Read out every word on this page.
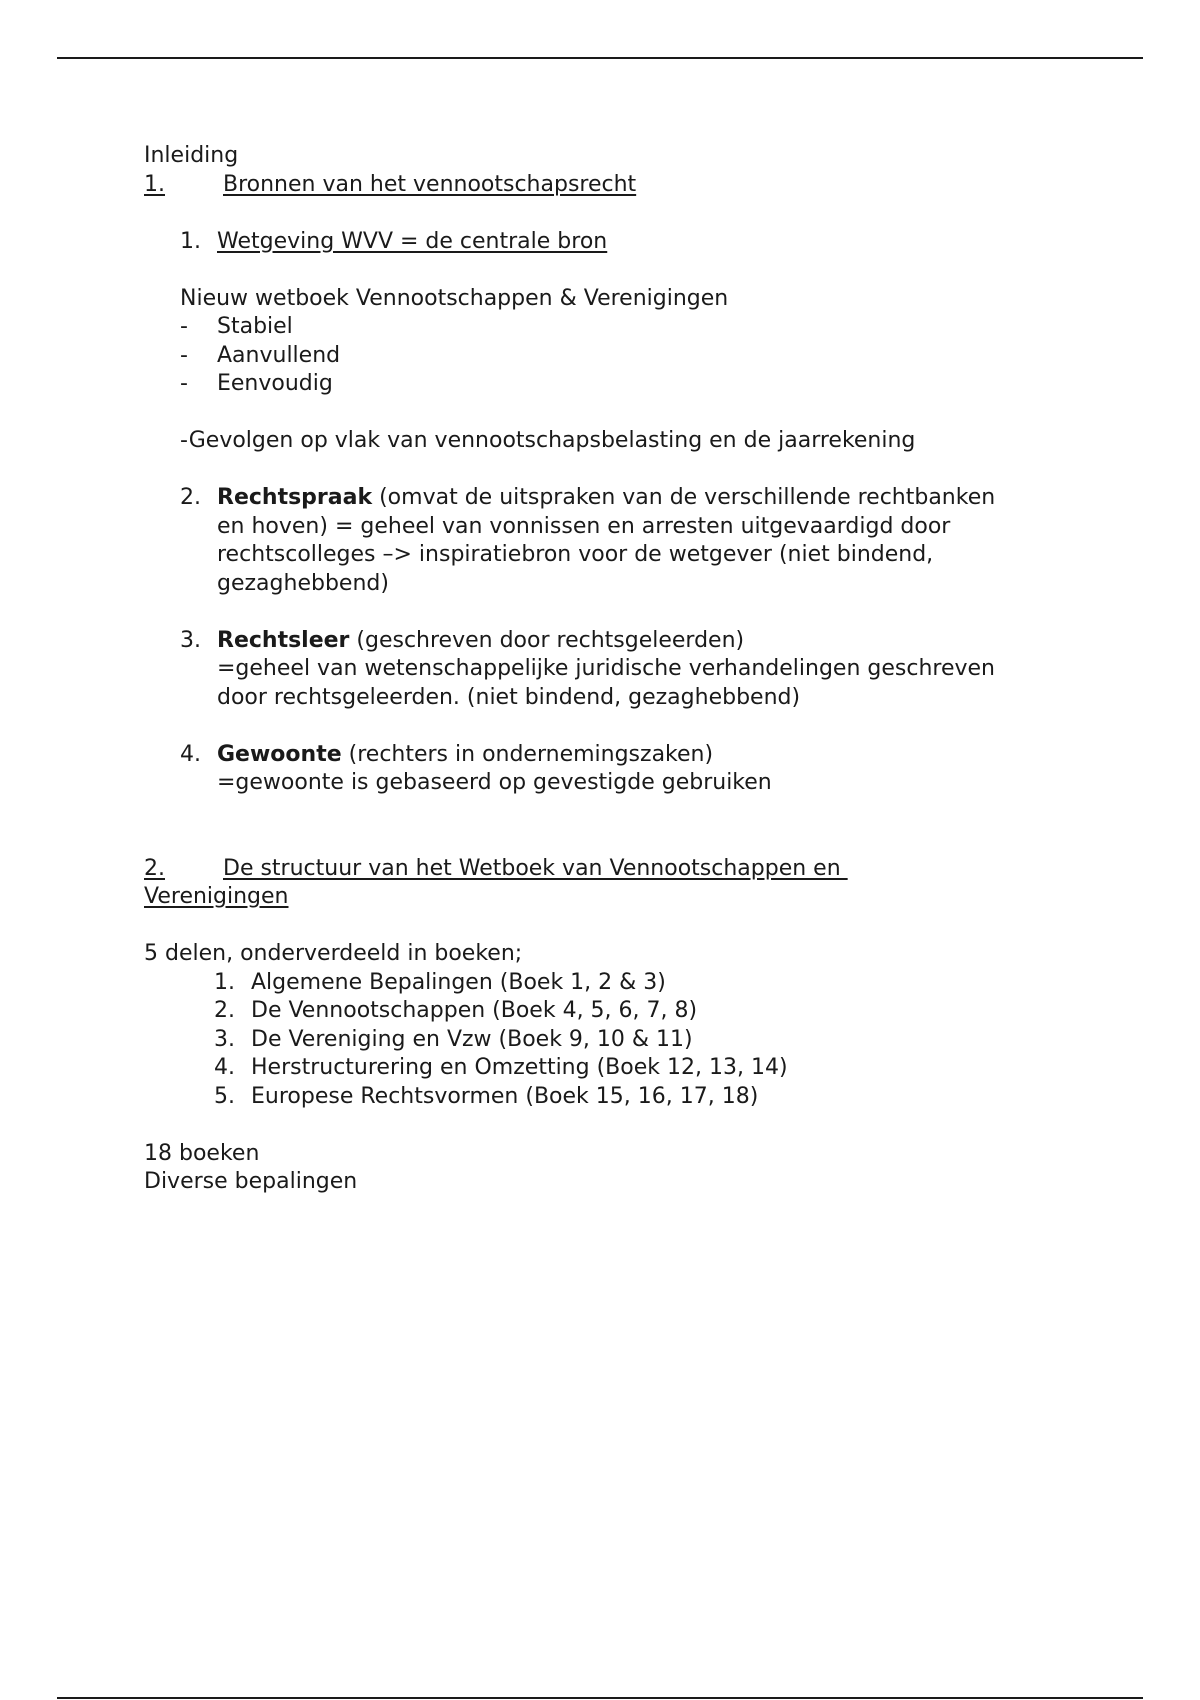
Inleiding
1.	Bronnen van het vennootschapsrecht
1. Wetgeving WVV = de centrale bron
Nieuw wetboek Vennootschappen & Verenigingen
-	Stabiel
-	Aanvullend
-	Eenvoudig
-Gevolgen op vlak van vennootschapsbelasting en de jaarrekening
2. Rechtspraak (omvat de uitspraken van de verschillende rechtbanken en hoven) = geheel van vonnissen en arresten uitgevaardigd door rechtscolleges –> inspiratiebron voor de wetgever (niet bindend, gezaghebbend)
3. Rechtsleer (geschreven door rechtsgeleerden)
=geheel van wetenschappelijke juridische verhandelingen geschreven door rechtsgeleerden. (niet bindend, gezaghebbend)
4. Gewoonte (rechters in ondernemingszaken)
=gewoonte is gebaseerd op gevestigde gebruiken
2.	De structuur van het Wetboek van Vennootschappen en
Verenigingen
5 delen, onderverdeeld in boeken;
1. Algemene Bepalingen (Boek 1, 2 & 3)
2. De Vennootschappen (Boek 4, 5, 6, 7, 8)
3. De Vereniging en Vzw (Boek 9, 10 & 11)
4. Herstructurering en Omzetting (Boek 12, 13, 14)
5. Europese Rechtsvormen (Boek 15, 16, 17, 18)
18 boeken
Diverse bepalingen
